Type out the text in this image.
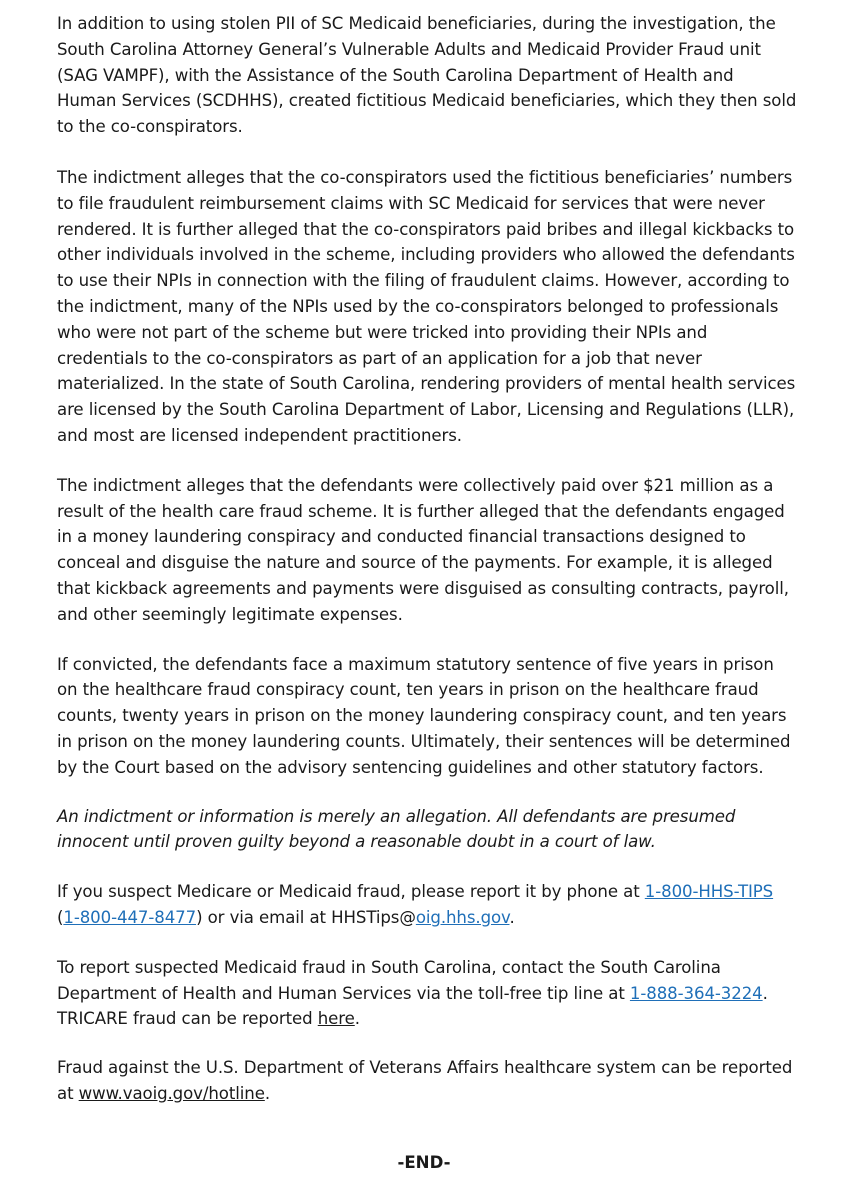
In addition to using stolen PII of SC Medicaid beneficiaries, during the investigation, the South Carolina Attorney General’s Vulnerable Adults and Medicaid Provider Fraud unit (SAG VAMPF), with the Assistance of the South Carolina Department of Health and Human Services (SCDHHS), created fictitious Medicaid beneficiaries, which they then sold to the co-conspirators.

The indictment alleges that the co-conspirators used the fictitious beneficiaries’ numbers to file fraudulent reimbursement claims with SC Medicaid for services that were never rendered. It is further alleged that the co-conspirators paid bribes and illegal kickbacks to other individuals involved in the scheme, including providers who allowed the defendants to use their NPIs in connection with the filing of fraudulent claims. However, according to the indictment, many of the NPIs used by the co-conspirators belonged to professionals who were not part of the scheme but were tricked into providing their NPIs and credentials to the co-conspirators as part of an application for a job that never materialized. In the state of South Carolina, rendering providers of mental health services are licensed by the South Carolina Department of Labor, Licensing and Regulations (LLR), and most are licensed independent practitioners.

The indictment alleges that the defendants were collectively paid over $21 million as a result of the health care fraud scheme. It is further alleged that the defendants engaged in a money laundering conspiracy and conducted financial transactions designed to conceal and disguise the nature and source of the payments. For example, it is alleged that kickback agreements and payments were disguised as consulting contracts, payroll, and other seemingly legitimate expenses.

If convicted, the defendants face a maximum statutory sentence of five years in prison on the healthcare fraud conspiracy count, ten years in prison on the healthcare fraud counts, twenty years in prison on the money laundering conspiracy count, and ten years in prison on the money laundering counts. Ultimately, their sentences will be determined by the Court based on the advisory sentencing guidelines and other statutory factors.

An indictment or information is merely an allegation. All defendants are presumed innocent until proven guilty beyond a reasonable doubt in a court of law.

If you suspect Medicare or Medicaid fraud, please report it by phone at 1-800-HHS-TIPS (1-800-447-8477) or via email at HHSTips@oig.hhs.gov.

To report suspected Medicaid fraud in South Carolina, contact the South Carolina Department of Health and Human Services via the toll-free tip line at 1-888-364-3224. TRICARE fraud can be reported here.

Fraud against the U.S. Department of Veterans Affairs healthcare system can be reported at www.vaoig.gov/hotline.

-END-
